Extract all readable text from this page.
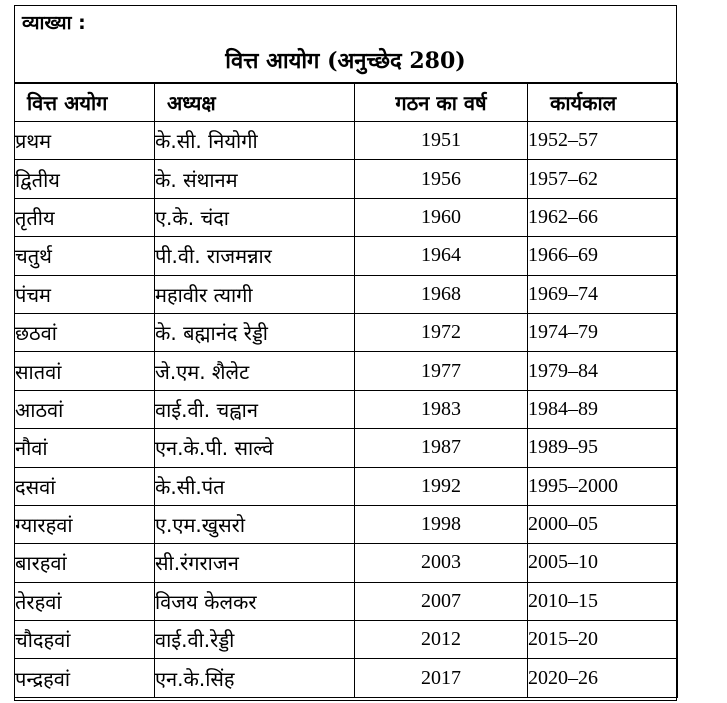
व्याख्या :
वित्त आयोग (अनुच्छेद 280)
वित्त अयोग	अध्यक्ष	गठन का वर्ष	कार्यकाल
प्रथम	के.सी. नियोगी	1951	1952–57
द्वितीय	के. संथानम	1956	1957–62
तृतीय	ए.के. चंदा	1960	1962–66
चतुर्थ	पी.वी. राजमन्नार	1964	1966–69
पंचम	महावीर त्यागी	1968	1969–74
छठवां	के. बह्मानंद रेड्डी	1972	1974–79
सातवां	जे.एम. शैलेट	1977	1979–84
आठवां	वाई.वी. चह्वान	1983	1984–89
नौवां	एन.के.पी. साल्वे	1987	1989–95
दसवां	के.सी.पंत	1992	1995–2000
ग्यारहवां	ए.एम.खुसरो	1998	2000–05
बारहवां	सी.रंगराजन	2003	2005–10
तेरहवां	विजय केलकर	2007	2010–15
चौदहवां	वाई.वी.रेड्डी	2012	2015–20
पन्द्रहवां	एन.के.सिंह	2017	2020–26
